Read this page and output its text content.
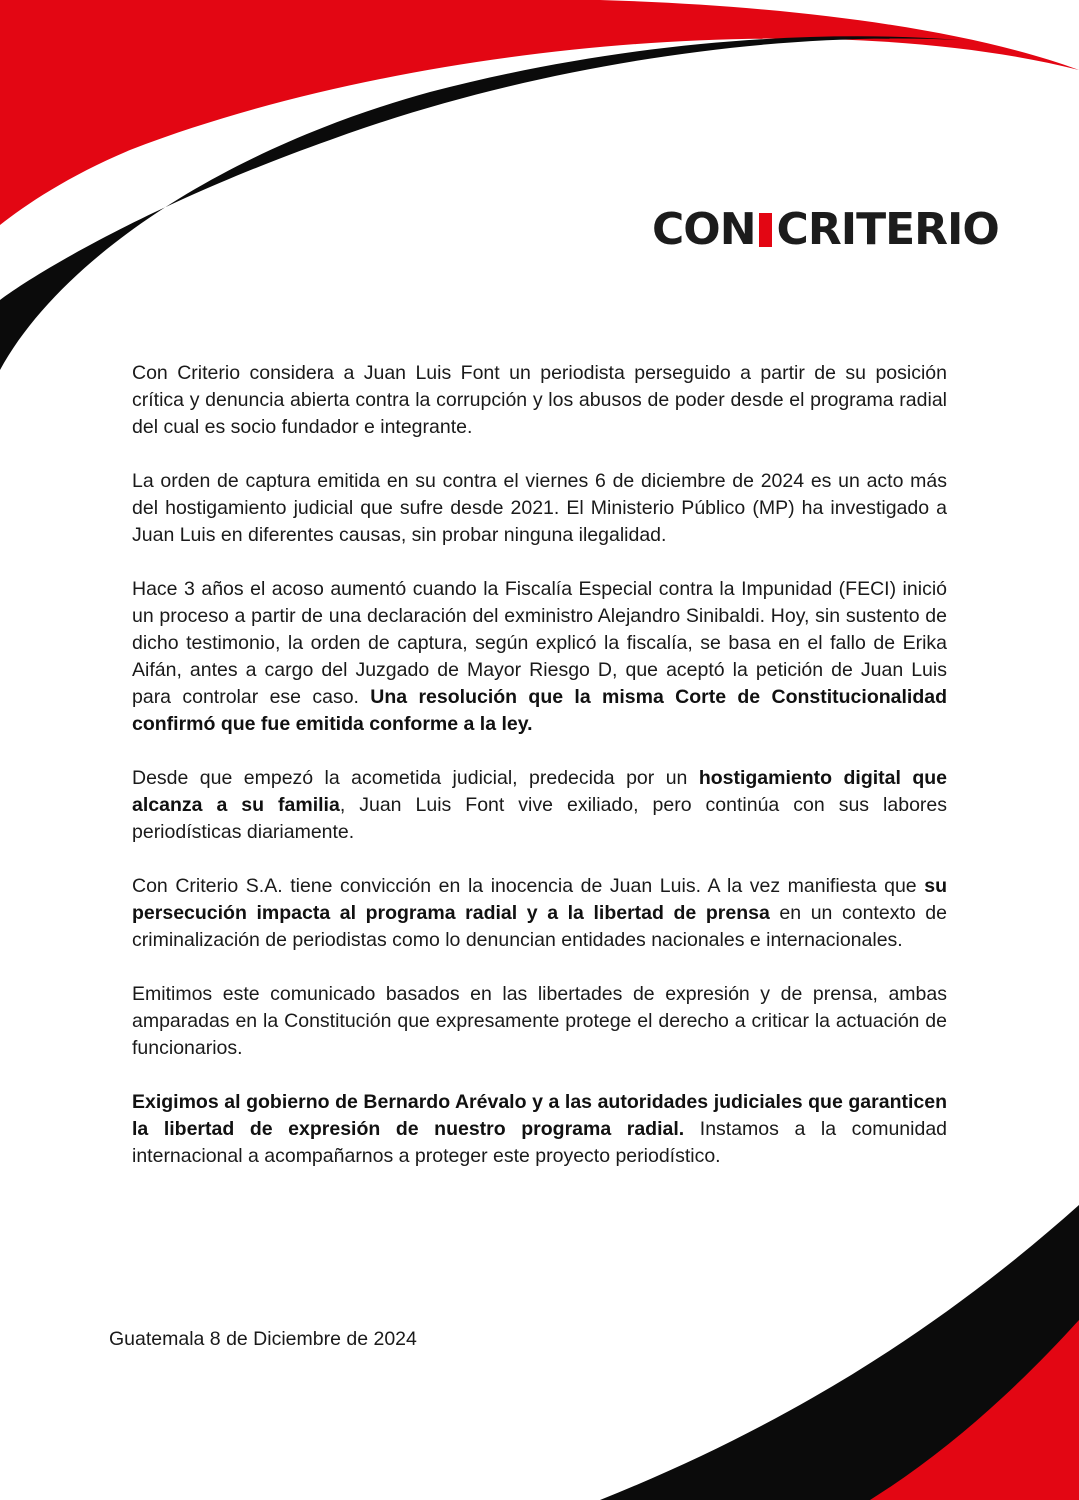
CON CRITERIO

Con Criterio considera a Juan Luis Font un periodista perseguido a partir de su posición crítica y denuncia abierta contra la corrupción y los abusos de poder desde el programa radial del cual es socio fundador e integrante.

La orden de captura emitida en su contra el viernes 6 de diciembre de 2024 es un acto más del hostigamiento judicial que sufre desde 2021. El Ministerio Público (MP) ha investigado a Juan Luis en diferentes causas, sin probar ninguna ilegalidad.

Hace 3 años el acoso aumentó cuando la Fiscalía Especial contra la Impunidad (FECI) inició un proceso a partir de una declaración del exministro Alejandro Sinibaldi. Hoy, sin sustento de dicho testimonio, la orden de captura, según explicó la fiscalía, se basa en el fallo de Erika Aifán, antes a cargo del Juzgado de Mayor Riesgo D, que aceptó la petición de Juan Luis para controlar ese caso. Una resolución que la misma Corte de Constitucionalidad confirmó que fue emitida conforme a la ley.

Desde que empezó la acometida judicial, predecida por un hostigamiento digital que alcanza a su familia, Juan Luis Font vive exiliado, pero continúa con sus labores periodísticas diariamente.

Con Criterio S.A. tiene convicción en la inocencia de Juan Luis. A la vez manifiesta que su persecución impacta al programa radial y a la libertad de prensa en un contexto de criminalización de periodistas como lo denuncian entidades nacionales e internacionales.

Emitimos este comunicado basados en las libertades de expresión y de prensa, ambas amparadas en la Constitución que expresamente protege el derecho a criticar la actuación de funcionarios.

Exigimos al gobierno de Bernardo Arévalo y a las autoridades judiciales que garanticen la libertad de expresión de nuestro programa radial. Instamos a la comunidad internacional a acompañarnos a proteger este proyecto periodístico.

Guatemala 8 de Diciembre de 2024
